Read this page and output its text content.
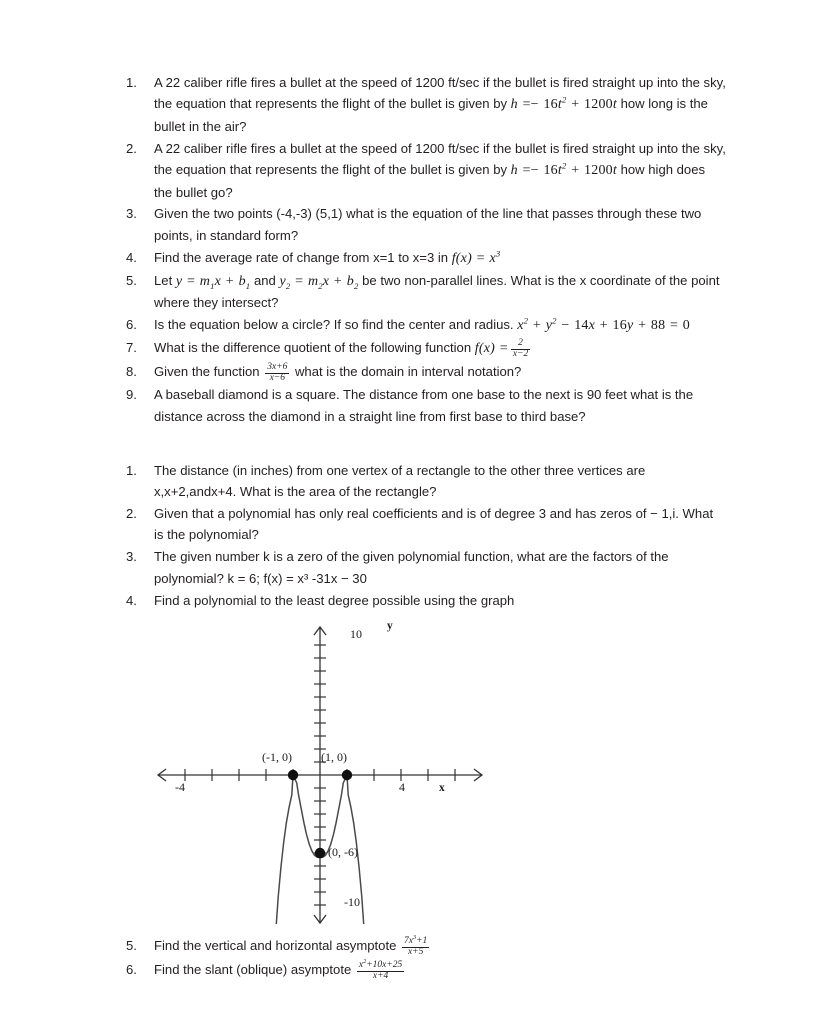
1.	A 22 caliber rifle fires a bullet at the speed of 1200 ft/sec if the bullet is fired straight up into the sky, the equation that represents the flight of the bullet is given by $h =- 16t^2 + 1200t$ how long is the bullet in the air?
2.	A 22 caliber rifle fires a bullet at the speed of 1200 ft/sec if the bullet is fired straight up into the sky, the equation that represents the flight of the bullet is given by $h =- 16t^2 + 1200t$ how high does the bullet go?
3.	Given the two points (-4,-3) (5,1) what is the equation of the line that passes through these two points, in standard form?
4.	Find the average rate of change from x=1 to x=3 in $f(x) = x^3$
5.	Let $y = m_1x + b_1$ and $y_2 = m_2x + b_2$ be two non-parallel lines. What is the x coordinate of the point where they intersect?
6.	Is the equation below a circle? If so find the center and radius. $x^2 + y^2 - 14x + 16y + 88 = 0$
7.	What is the difference quotient of the following function $f(x) = \frac{2}{x-2}$
8.	Given the function $\frac{3x+6}{x-6}$ what is the domain in interval notation?
9.	A baseball diamond is a square. The distance from one base to the next is 90 feet what is the distance across the diamond in a straight line from first base to third base?
1.	The distance (in inches) from one vertex of a rectangle to the other three vertices are x,x+2,andx+4. What is the area of the rectangle?
2.	Given that a polynomial has only real coefficients and is of degree 3 and has zeros of − 1,i. What is the polynomial?
3.	The given number k is a zero of the given polynomial function, what are the factors of the polynomial? k = 6; f(x) = x³ -31x − 30
4.	Find a polynomial to the least degree possible using the graph
y
10
-10
-4	4	x
(-1, 0) (1, 0)
(0, -6)
5.	Find the vertical and horizontal asymptote $\frac{7x^3+1}{x+5}$
6.	Find the slant (oblique) asymptote $\frac{x^2+10x+25}{x+4}$
